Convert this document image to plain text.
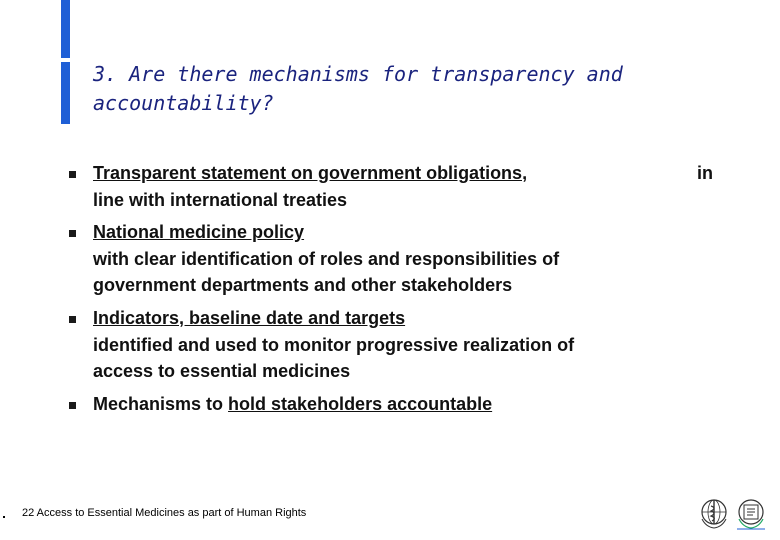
3. Are there mechanisms for transparency and
accountability?
Transparent statement on government obligations,
line with international treaties
National medicine policy
with clear identification of roles and responsibilities of
government departments and other stakeholders
Indicators, baseline date and targets
identified and used to monitor progressive realization of
access to essential medicines
Mechanisms to hold stakeholders accountable
in
22 Access to Essential Medicines as part of Human Rights
